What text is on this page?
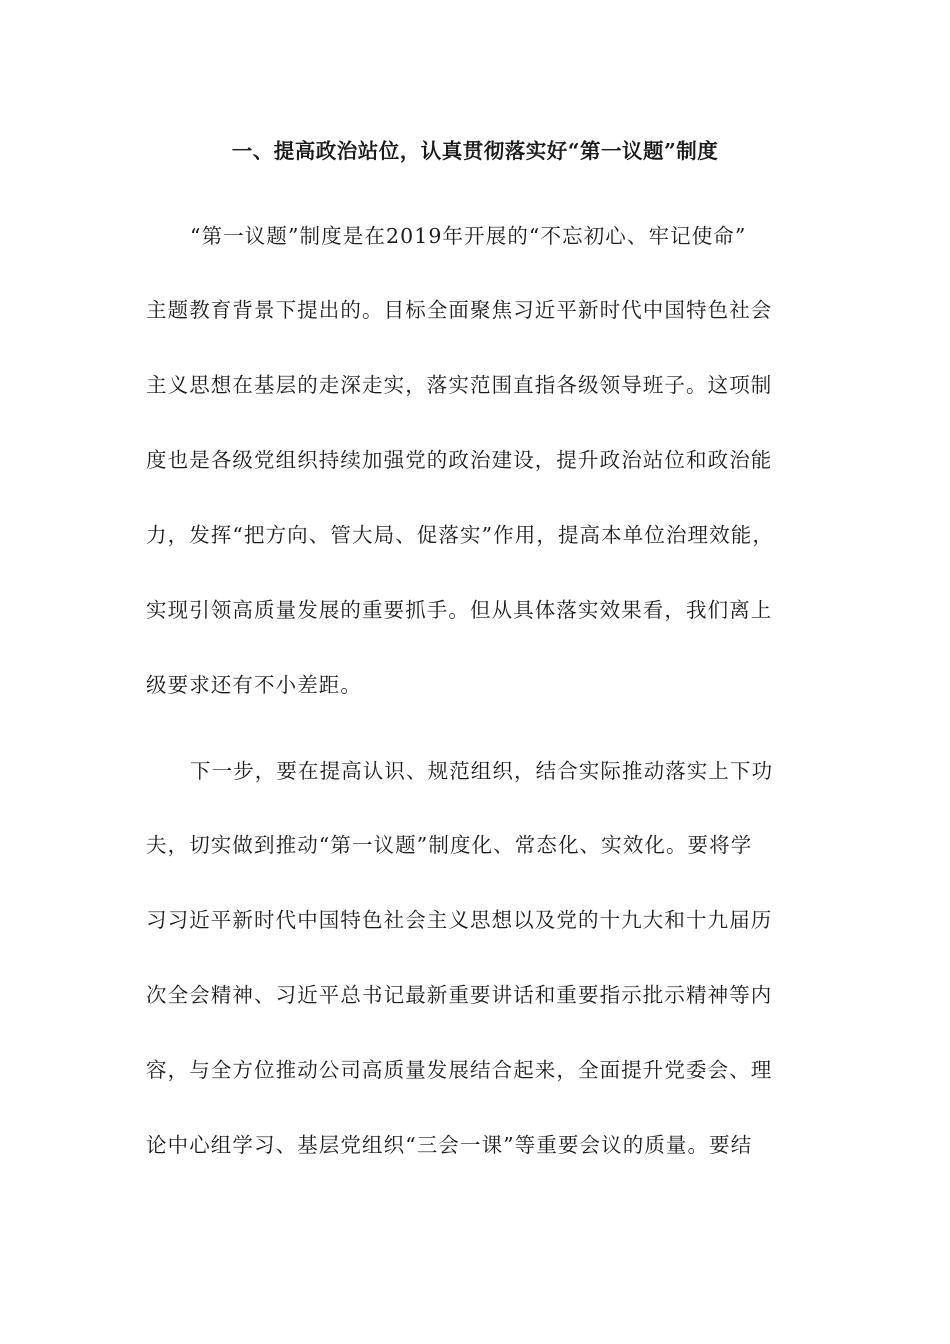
一、提高政治站位，认真贯彻落实好“第一议题”制度
“第一议题”制度是在2019年开展的“不忘初心、牢记使命”
主题教育背景下提出的。目标全面聚焦习近平新时代中国特色社会
主义思想在基层的走深走实，落实范围直指各级领导班子。这项制
度也是各级党组织持续加强党的政治建设，提升政治站位和政治能
力，发挥“把方向、管大局、促落实”作用，提高本单位治理效能，
实现引领高质量发展的重要抓手。但从具体落实效果看，我们离上
级要求还有不小差距。
下一步，要在提高认识、规范组织，结合实际推动落实上下功
夫，切实做到推动“第一议题”制度化、常态化、实效化。要将学
习习近平新时代中国特色社会主义思想以及党的十九大和十九届历
次全会精神、习近平总书记最新重要讲话和重要指示批示精神等内
容，与全方位推动公司高质量发展结合起来，全面提升党委会、理
论中心组学习、基层党组织“三会一课”等重要会议的质量。要结
